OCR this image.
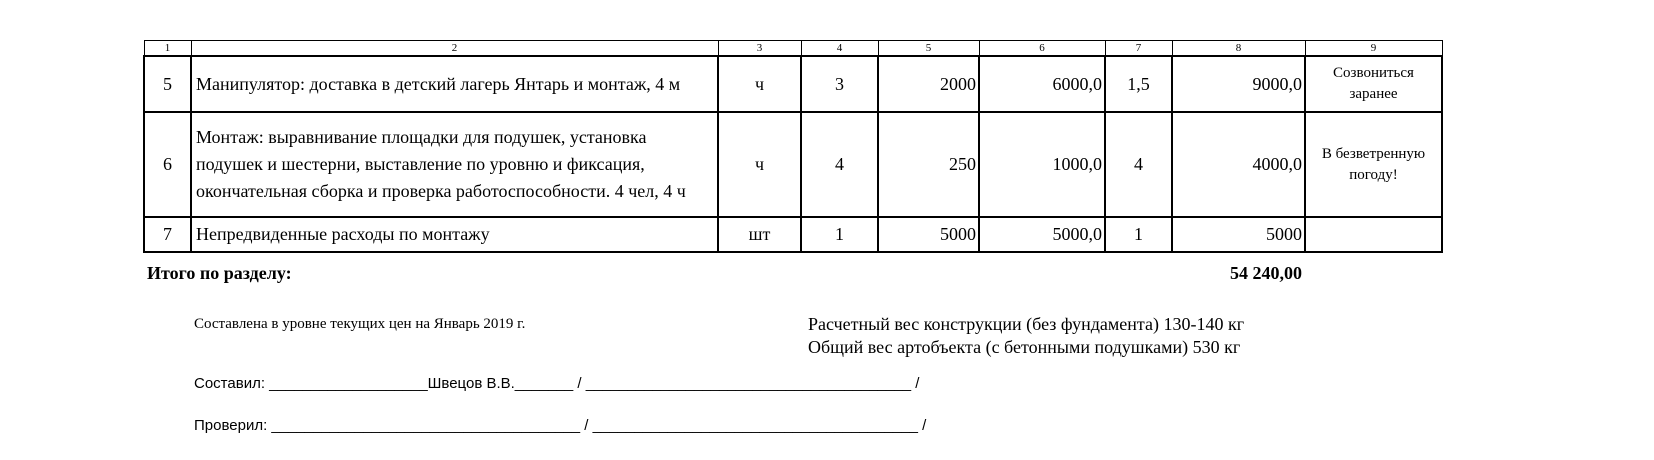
1	2	3	4	5	6	7	8	9
5	Манипулятор: доставка в детский лагерь Янтарь и монтаж, 4 м	ч	3	2000	6000,0	1,5	9000,0	Созвониться заранее
6	Монтаж: выравнивание площадки для подушек, установка подушек и шестерни, выставление по уровню и фиксация, окончательная сборка и проверка работоспособности. 4 чел, 4 ч	ч	4	250	1000,0	4	4000,0	В безветренную погоду!
7	Непредвиденные расходы по монтажу	шт	1	5000	5000,0	1	5000	
Итого по разделу:	54 240,00
Составлена в уровне текущих цен на Январь 2019 г.	Расчетный вес конструкции (без фундамента) 130-140 кг
Общий вес артобъекта (с бетонными подушками) 530 кг
Составил: ___________________Швецов В.В._______ / _______________________________________ /
Проверил: _____________________________________ / _______________________________________ /
